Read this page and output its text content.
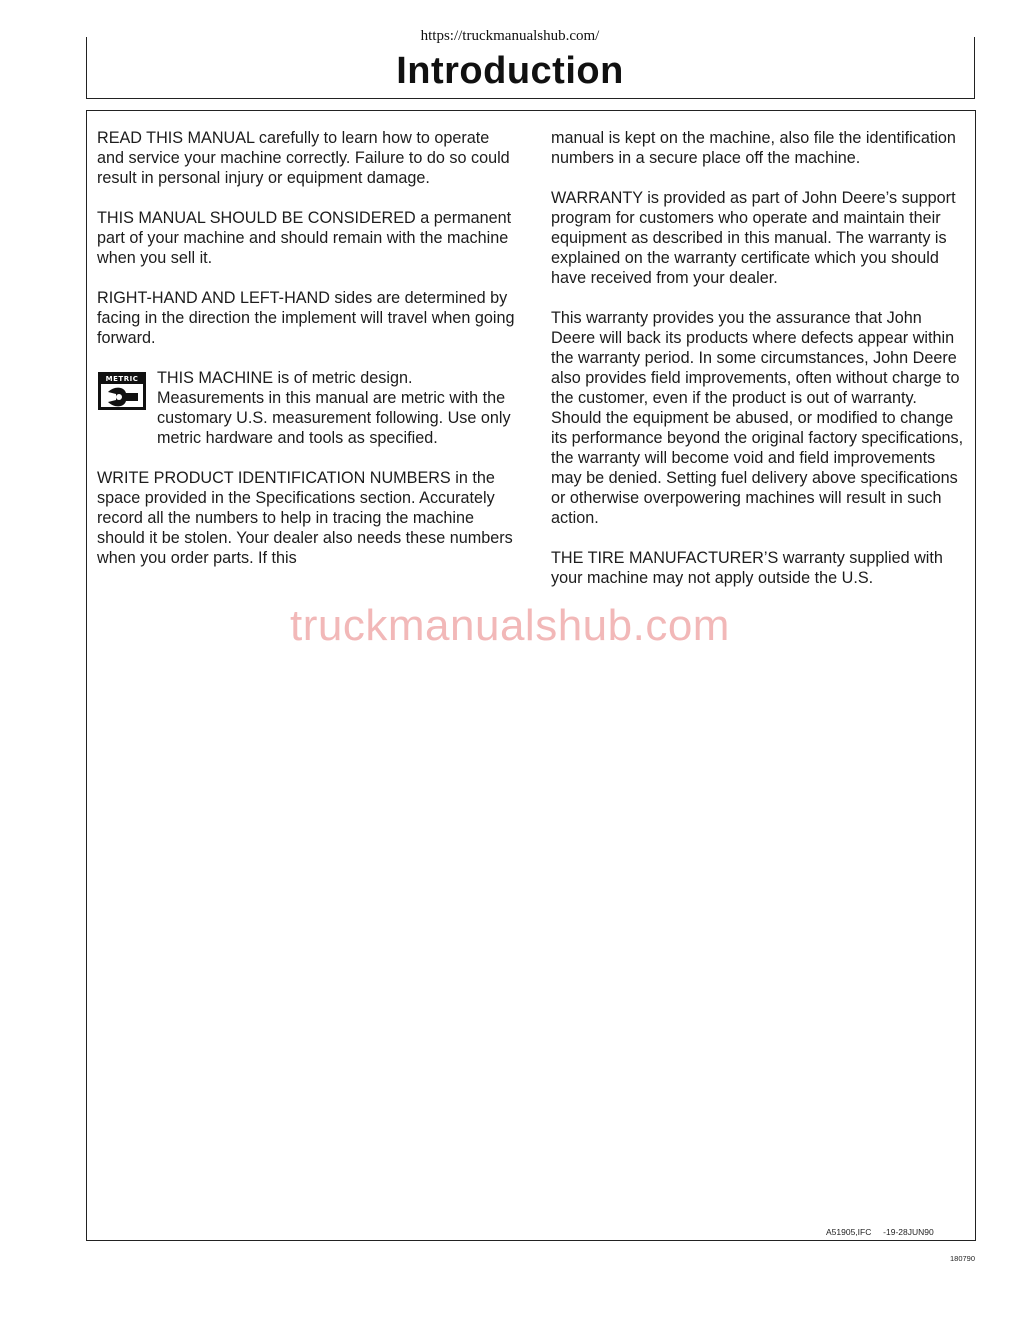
https://truckmanualshub.com/
Introduction

READ THIS MANUAL carefully to learn how to operate and service your machine correctly. Failure to do so could result in personal injury or equipment damage.

THIS MANUAL SHOULD BE CONSIDERED a permanent part of your machine and should remain with the machine when you sell it.

RIGHT-HAND AND LEFT-HAND sides are determined by facing in the direction the implement will travel when going forward.

METRIC THIS MACHINE is of metric design. Measurements in this manual are metric with the customary U.S. measurement following. Use only metric hardware and tools as specified.

WRITE PRODUCT IDENTIFICATION NUMBERS in the space provided in the Specifications section. Accurately record all the numbers to help in tracing the machine should it be stolen. Your dealer also needs these numbers when you order parts. If this

manual is kept on the machine, also file the identification numbers in a secure place off the machine.

WARRANTY is provided as part of John Deere’s support program for customers who operate and maintain their equipment as described in this manual. The warranty is explained on the warranty certificate which you should have received from your dealer.

This warranty provides you the assurance that John Deere will back its products where defects appear within the warranty period. In some circumstances, John Deere also provides field improvements, often without charge to the customer, even if the product is out of warranty. Should the equipment be abused, or modified to change its performance beyond the original factory specifications, the warranty will become void and field improvements may be denied. Setting fuel delivery above specifications or otherwise overpowering machines will result in such action.

THE TIRE MANUFACTURER’S warranty supplied with your machine may not apply outside the U.S.

truckmanualshub.com
A51905,IFC     -19-28JUN90
180790
